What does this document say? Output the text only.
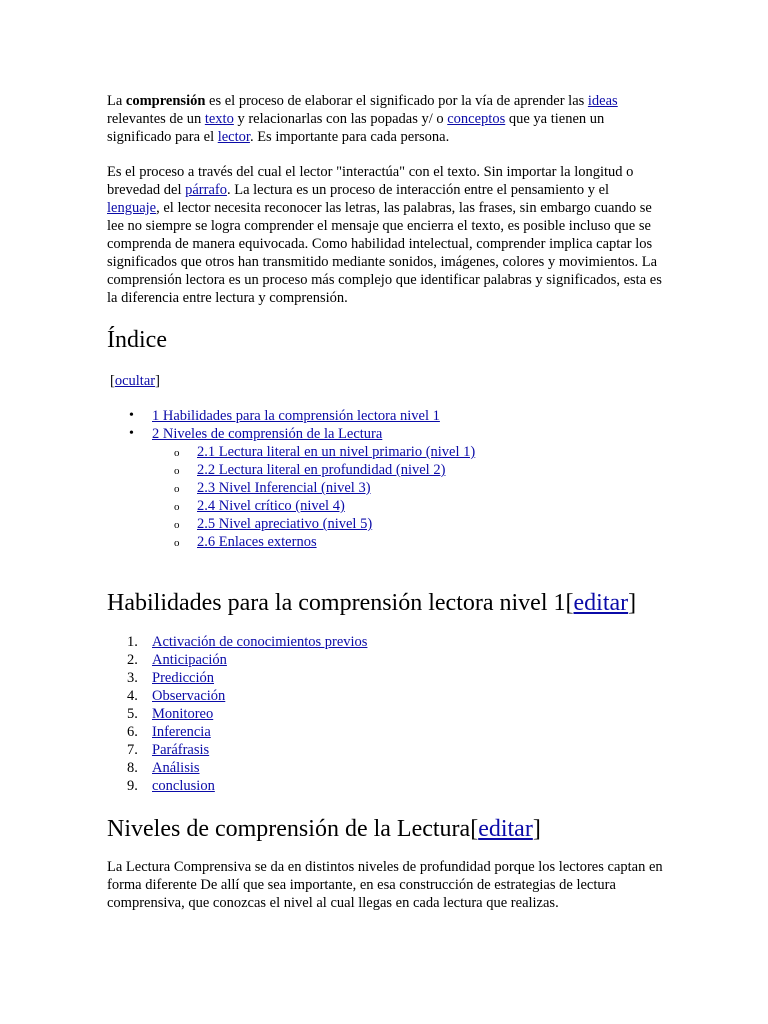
La comprensión es el proceso de elaborar el significado por la vía de aprender las ideas relevantes de un texto y relacionarlas con las popadas y/ o conceptos que ya tienen un significado para el lector. Es importante para cada persona.

Es el proceso a través del cual el lector "interactúa" con el texto. Sin importar la longitud o brevedad del párrafo. La lectura es un proceso de interacción entre el pensamiento y el lenguaje, el lector necesita reconocer las letras, las palabras, las frases, sin embargo cuando se lee no siempre se logra comprender el mensaje que encierra el texto, es posible incluso que se comprenda de manera equivocada. Como habilidad intelectual, comprender implica captar los significados que otros han transmitido mediante sonidos, imágenes, colores y movimientos. La comprensión lectora es un proceso más complejo que identificar palabras y significados, esta es la diferencia entre lectura y comprensión.

Índice
[ocultar]
• 1 Habilidades para la comprensión lectora nivel 1
• 2 Niveles de comprensión de la Lectura
o 2.1 Lectura literal en un nivel primario (nivel 1)
o 2.2 Lectura literal en profundidad (nivel 2)
o 2.3 Nivel Inferencial (nivel 3)
o 2.4 Nivel crítico (nivel 4)
o 2.5 Nivel apreciativo (nivel 5)
o 2.6 Enlaces externos
Habilidades para la comprensión lectora nivel 1[editar]
1. Activación de conocimientos previos
2. Anticipación
3. Predicción
4. Observación
5. Monitoreo
6. Inferencia
7. Paráfrasis
8. Análisis
9. conclusion
Niveles de comprensión de la Lectura[editar]

La Lectura Comprensiva se da en distintos niveles de profundidad porque los lectores captan en forma diferente De allí que sea importante, en esa construcción de estrategias de lectura comprensiva, que conozcas el nivel al cual llegas en cada lectura que realizas.
